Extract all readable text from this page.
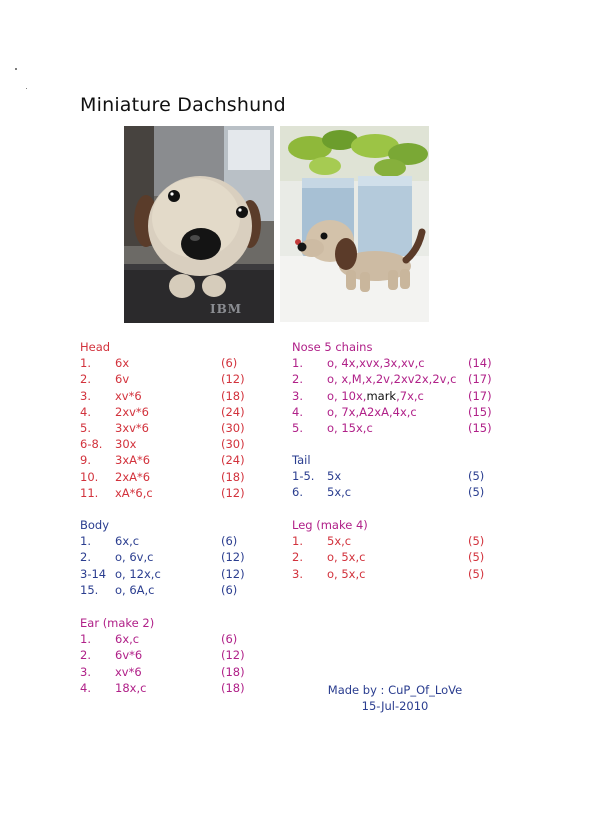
Miniature Dachshund
IBM
Head
1. 6x	(6)
2. 6v	(12)
3. xv*6	(18)
4. 2xv*6	(24)
5. 3xv*6	(30)
6-8. 30x	(30)
9. 3xA*6	(24)
10. 2xA*6	(18)
11. xA*6,c	(12)
Body
1. 6x,c	(6)
2. o, 6v,c	(12)
3-14 o, 12x,c	(12)
15. o, 6A,c	(6)
Ear (make 2)
1. 6x,c	(6)
2. 6v*6	(12)
3. xv*6	(18)
4. 18x,c	(18)
Nose 5 chains
1. o, 4x,xvx,3x,xv,c	(14)
2. o, x,M,x,2v,2xv2x,2v,c (17)
3. o, 10x,mark,7x,c	(17)
4. o, 7x,A2xA,4x,c	(15)
5. o, 15x,c	(15)
Tail
1-5. 5x	(5)
6. 5x,c	(5)
Leg (make 4)
1. 5x,c	(5)
2. o, 5x,c	(5)
3. o, 5x,c	(5)
Made by : CuP_Of_LoVe
15-Jul-2010
